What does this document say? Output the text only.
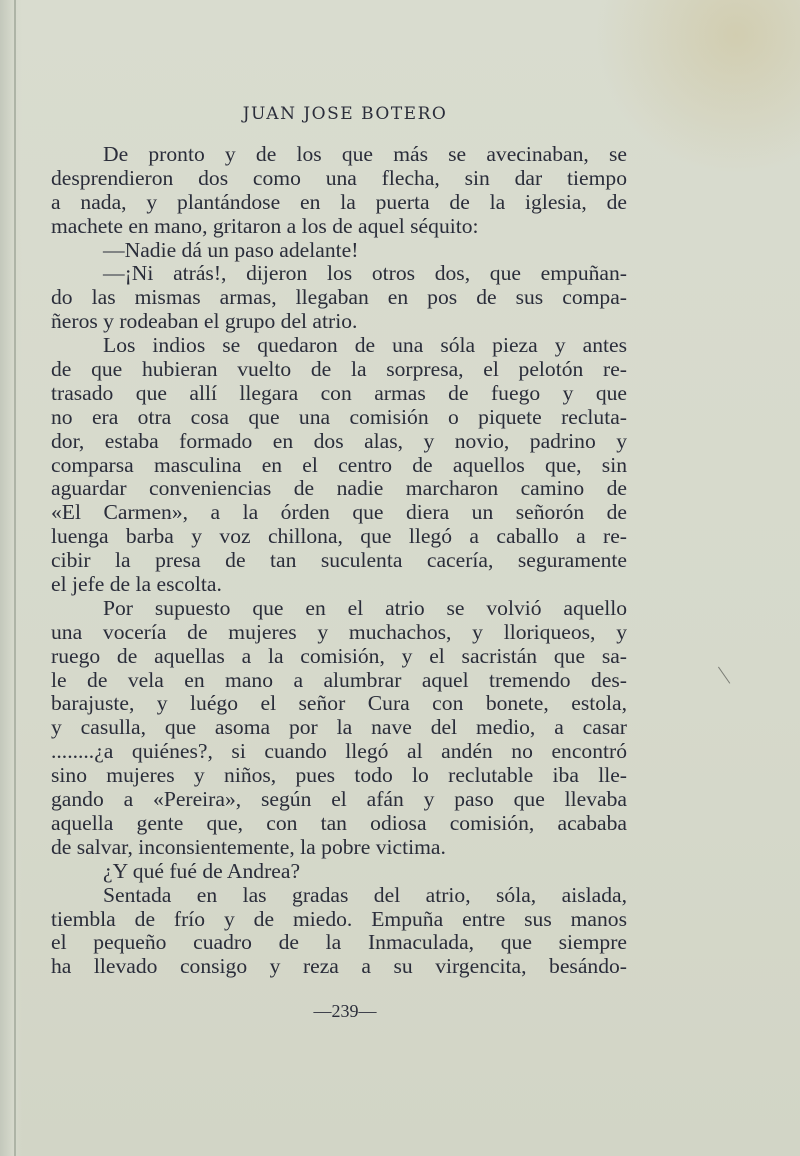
JUAN JOSE BOTERO
De pronto y de los que más se avecinaban, se
desprendieron dos como una flecha, sin dar tiempo
a nada, y plantándose en la puerta de la iglesia, de
machete en mano, gritaron a los de aquel séquito:
—Nadie dá un paso adelante!
—¡Ni atrás!, dijeron los otros dos, que empuñan-
do las mismas armas, llegaban en pos de sus compa-
ñeros y rodeaban el grupo del atrio.
Los indios se quedaron de una sóla pieza y antes
de que hubieran vuelto de la sorpresa, el pelotón re-
trasado que allí llegara con armas de fuego y que
no era otra cosa que una comisión o piquete recluta-
dor, estaba formado en dos alas, y novio, padrino y
comparsa masculina en el centro de aquellos que, sin
aguardar conveniencias de nadie marcharon camino de
«El Carmen», a la órden que diera un señorón de
luenga barba y voz chillona, que llegó a caballo a re-
cibir la presa de tan suculenta cacería, seguramente
el jefe de la escolta.
Por supuesto que en el atrio se volvió aquello
una vocería de mujeres y muchachos, y lloriqueos, y
ruego de aquellas a la comisión, y el sacristán que sa-
le de vela en mano a alumbrar aquel tremendo des-
barajuste, y luégo el señor Cura con bonete, estola,
y casulla, que asoma por la nave del medio, a casar
........¿a quiénes?, si cuando llegó al andén no encontró
sino mujeres y niños, pues todo lo reclutable iba lle-
gando a «Pereira», según el afán y paso que llevaba
aquella gente que, con tan odiosa comisión, acababa
de salvar, inconsientemente, la pobre victima.
¿Y qué fué de Andrea?
Sentada en las gradas del atrio, sóla, aislada,
tiembla de frío y de miedo. Empuña entre sus manos
el pequeño cuadro de la Inmaculada, que siempre
ha llevado consigo y reza a su virgencita, besándo-
—239—
